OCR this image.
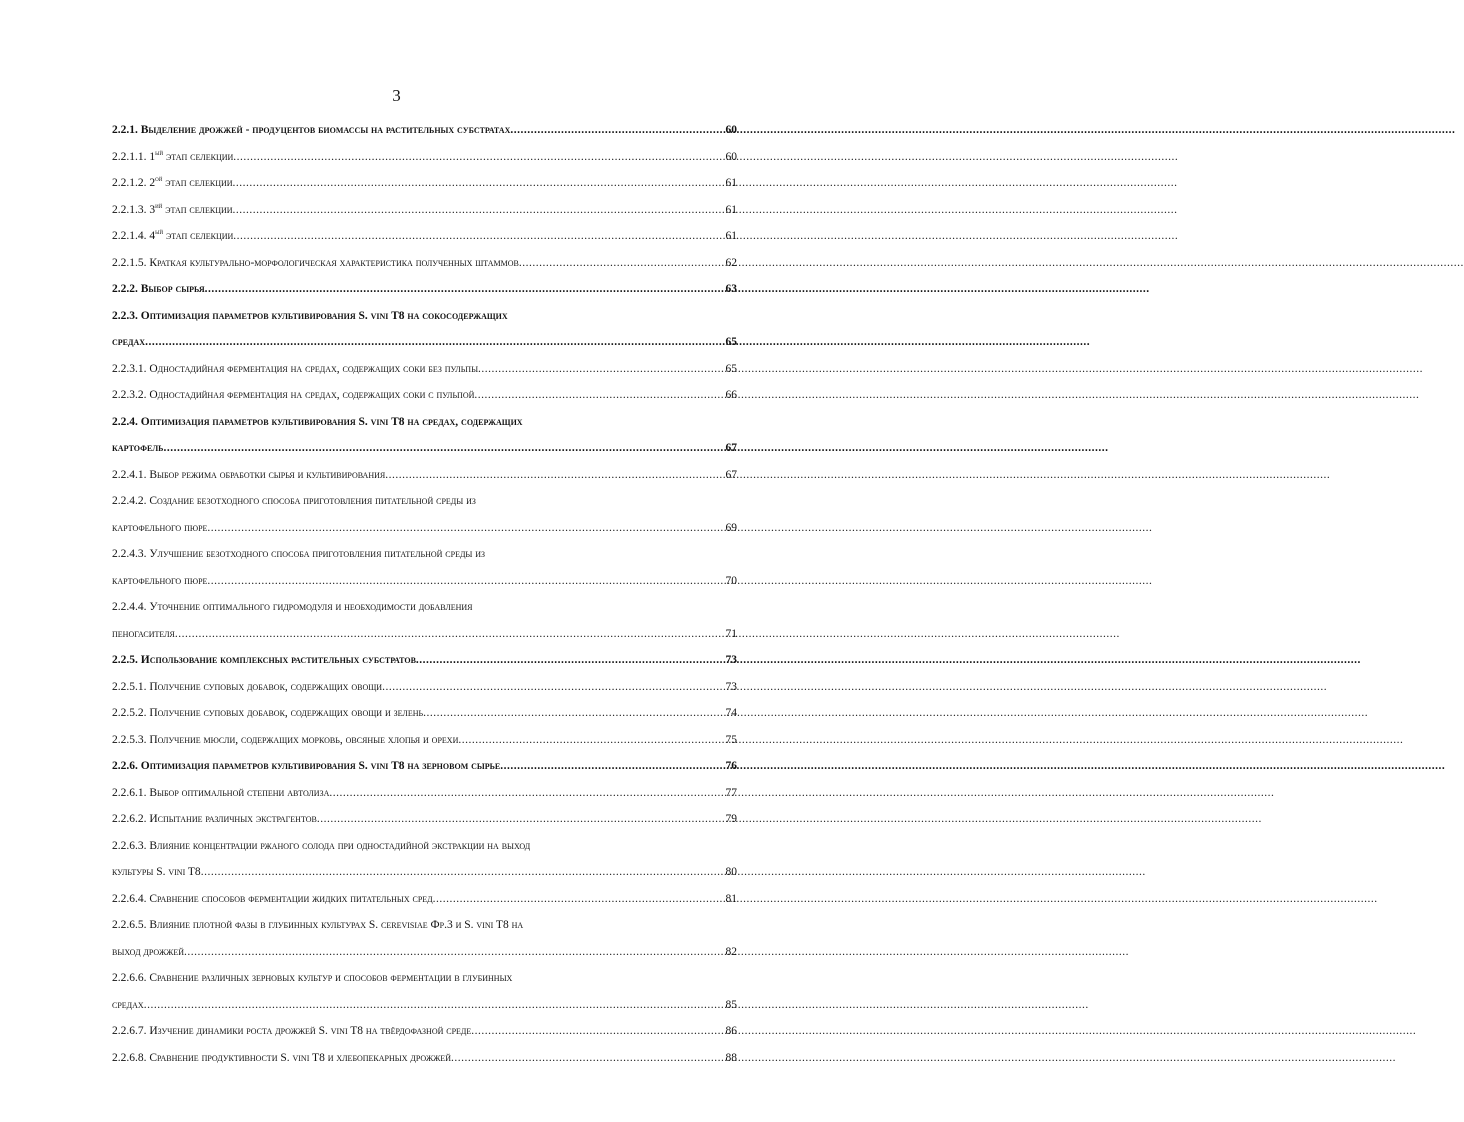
3
2.2.1. Выделение дрожжей - продуцентов биомассы на растительных субстратах .....	60
2.2.1.1. $1^{ый}$ этап селекции .....	60
2.2.1.2. $2^{ой}$ этап селекции .....	61
2.2.1.3. $3^{ий}$ этап селекции .....	61
2.2.1.4. $4^{ый}$ этап селекции .....	61
2.2.1.5. Краткая культурально-морфологическая характеристика полученных штаммов .....	62
2.2.2. Выбор сырья .....	63
2.2.3. Оптимизация параметров культивирования S. vini T8 на сокосодержащих
средах .....	65
2.2.3.1. Одностадийная ферментация на средах, содержащих соки без пульпы .....	65
2.2.3.2. Одностадийная ферментация на средах, содержащих соки с пульпой .....	66
2.2.4. Оптимизация параметров культивирования S. vini T8 на средах, содержащих
картофель .....	67
2.2.4.1. Выбор режима обработки сырья и культивирования .....	67
2.2.4.2. Создание безотходного способа приготовления питательной среды из
картофельного пюре .....	69
2.2.4.3. Улучшение безотходного способа приготовления питательной среды из
картофельного пюре .....	70
2.2.4.4. Уточнение оптимального гидромодуля и необходимости добавления
пеногасителя .....	71
2.2.5. Использование комплексных растительных субстратов .....	73
2.2.5.1. Получение суповых добавок, содержащих овощи .....	73
2.2.5.2. Получение суповых добавок, содержащих овощи и зелень .....	74
2.2.5.3. Получение мюсли, содержащих морковь, овсяные хлопья и орехи .....	75
2.2.6. Оптимизация параметров культивирования S. vini T8 на зерновом сырье .....	76
2.2.6.1. Выбор оптимальной степени автолиза .....	77
2.2.6.2. Испытание различных экстрагентов .....	79
2.2.6.3. Влияние концентрации ржаного солода при одностадийной экстракции на выход
культуры S. vini T8 .....	80
2.2.6.4. Сравнение способов ферментации жидких питательных сред .....	81
2.2.6.5. Влияние плотной фазы в глубинных культурах S. cerevisiae Фр.3 и S. vini T8 на
выход дрожжей .....	82
2.2.6.6. Сравнение различных зерновых культур и способов ферментации в глубинных
средах .....	85
2.2.6.7. Изучение динамики роста дрожжей S. vini T8 на твёрдофазной среде .....	86
2.2.6.8. Сравнение продуктивности S. vini T8 и хлебопекарных дрожжей .....	88
